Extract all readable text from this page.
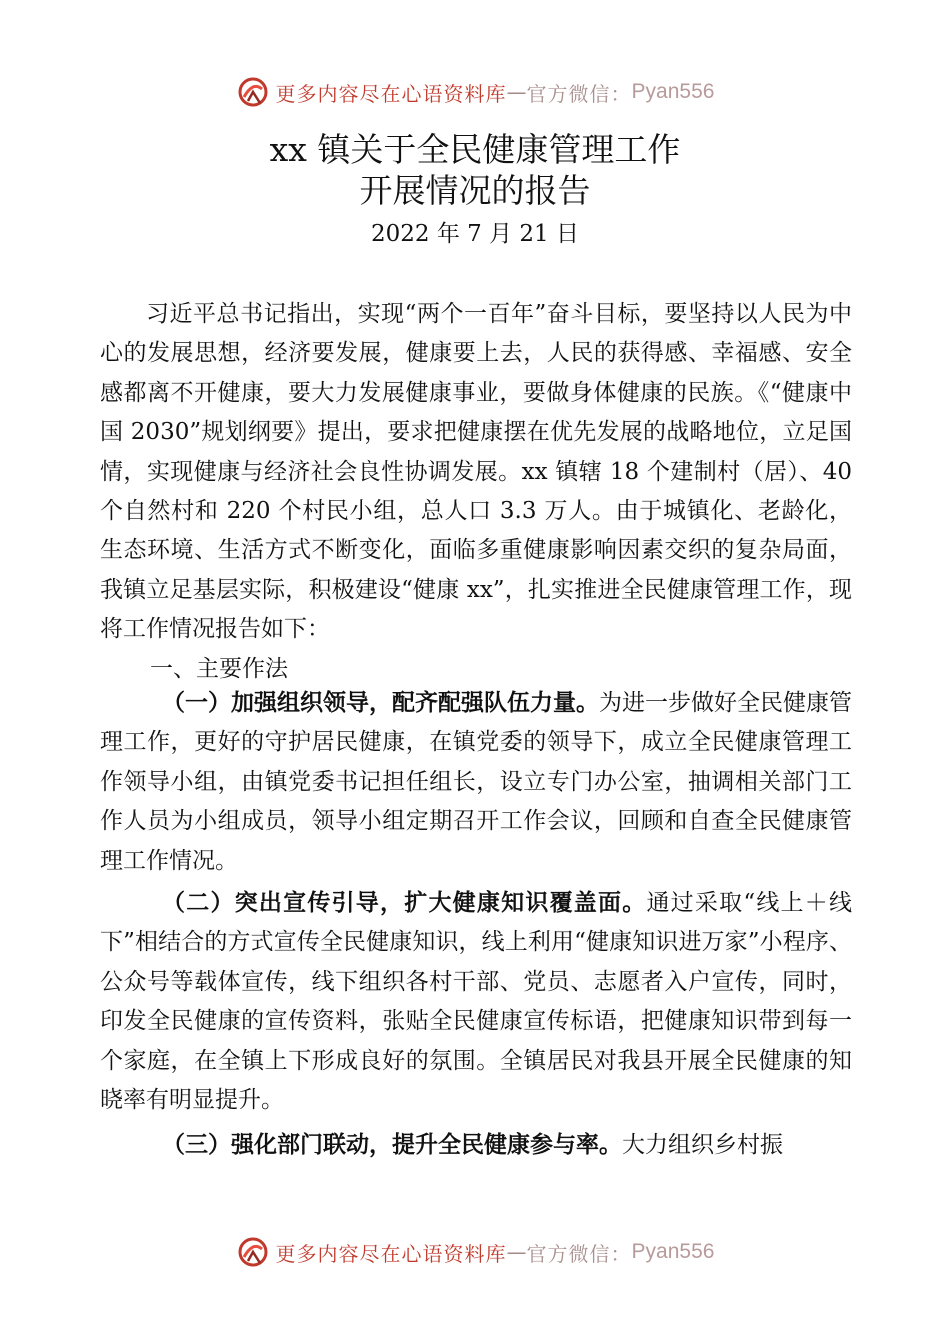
更多内容尽在心语资料库 — 官方微信： Pyan556
xx 镇关于全民健康管理工作
开展情况的报告
2022 年 7 月 21 日

习近平总书记指出，实现“两个一百年”奋斗目标，要坚持以人民为中心的发展思想，经济要发展，健康要上去，人民的获得感、幸福感、安全感都离不开健康，要大力发展健康事业，要做身体健康的民族。《“健康中国 2030”规划纲要》提出，要求把健康摆在优先发展的战略地位，立足国情，实现健康与经济社会良性协调发展。xx 镇辖 18 个建制村（居）、40 个自然村和 220 个村民小组，总人口 3.3 万人。由于城镇化、老龄化，生态环境、生活方式不断变化，面临多重健康影响因素交织的复杂局面，我镇立足基层实际，积极建设“健康 xx”，扎实推进全民健康管理工作，现将工作情况报告如下：

一、主要作法

（一）加强组织领导，配齐配强队伍力量。为进一步做好全民健康管理工作，更好的守护居民健康，在镇党委的领导下，成立全民健康管理工作领导小组，由镇党委书记担任组长，设立专门办公室，抽调相关部门工作人员为小组成员，领导小组定期召开工作会议，回顾和自查全民健康管理工作情况。

（二）突出宣传引导，扩大健康知识覆盖面。通过采取“线上＋线下”相结合的方式宣传全民健康知识，线上利用“健康知识进万家”小程序、公众号等载体宣传，线下组织各村干部、党员、志愿者入户宣传，同时，印发全民健康的宣传资料，张贴全民健康宣传标语，把健康知识带到每一个家庭，在全镇上下形成良好的氛围。全镇居民对我县开展全民健康的知晓率有明显提升。

（三）强化部门联动，提升全民健康参与率。大力组织乡村振

更多内容尽在心语资料库 — 官方微信： Pyan556
